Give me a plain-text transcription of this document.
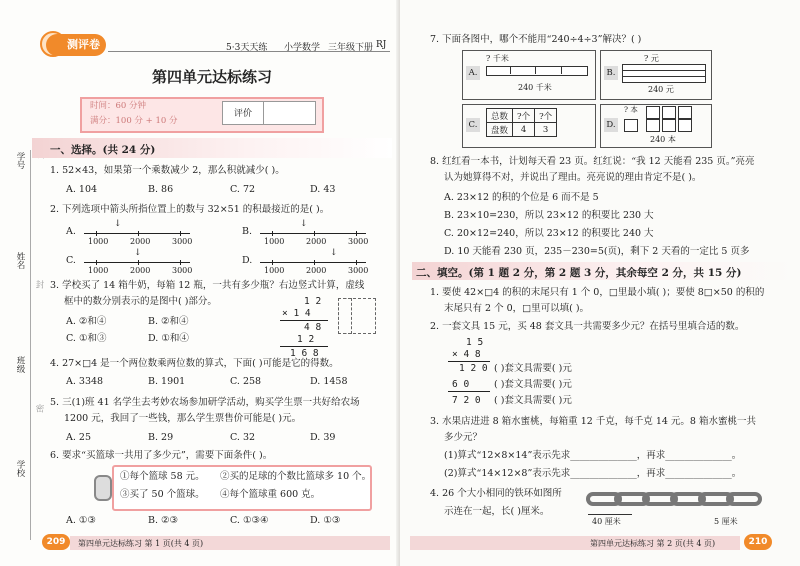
测评卷	5·3天天练 小学数学 三年级下册 RJ
第四单元达标练习
时间：60 分钟
满分：100 分 + 10 分
评价
学号
姓名
班级
学校
封
密
一、选择。(共 24 分)
1. 52×43，如果第一个乘数减少 2，那么积就减少( )。
A. 104	B. 86	C. 72	D. 43
2. 下列选项中箭头所指位置上的数与 32×51 的积最接近的是( )。
A.
↓
1000	2000	3000
B.
↓
1000	2000	3000
C.
↓
1000	2000	3000
D.
↓
1000	2000	3000
3. 学校买了 14 箱牛奶，每箱 12 瓶，一共有多少瓶？右边竖式计算，虚线
框中的数分别表示的是图中( )部分。
A. ②和④	B. ②和④
C. ①和③	D. ①和④
1 2
× 1 4
4 8
1 2
1 6 8
4. 27×□4 是一个两位数乘两位数的算式，下面( )可能是它的得数。
A. 3348	B. 1901	C. 258	D. 1458
5. 三(1)班 41 名学生去考妙农场参加研学活动，购买学生票一共好给农场
1200 元，我回了一些钱，那么学生票售价可能是( )元。
A. 25	B. 29	C. 32	D. 39
6. 要求“买篮球一共用了多少元”，需要下面条件( )。
①每个篮球 58 元。 ②买的足球的个数比篮球多 10 个。
③买了 50 个篮球。 ④每个篮球重 600 克。
A. ①③	B. ②③	C. ①③④	D. ①③
209	第四单元达标练习 第 1 页(共 4 页)
7. 下面各图中，哪个不能用“240÷4÷3”解决？( )
A.
? 千米
240 千米
B.
? 元
240 元
C.
总数	?个	?个
盘数	4	3	D.
? 本
240 本
8. 红红看一本书，计划每天看 23 页。红红说：“我 12 天能看 235 页。”亮亮
认为她算得不对，并说出了理由。亮亮说的理由肯定不是( )。
A. 23×12 的积的个位是 6 而不是 5
B. 23×10=230，所以 23×12 的积要比 230 大
C. 20×12=240，所以 23×12 的积要比 240 大
D. 10 天能看 230 页，235－230=5(页)，剩下 2 天看的一定比 5 页多
二、填空。(第 1 题 2 分，第 2 题 3 分，其余每空 2 分，共 15 分)
1. 要使 42×□4 的积的末尾只有 1 个 0，□里最小填( )；要使 8□×50 的积的
末尾只有 2 个 0，□里可以填( )。
2. 一套文具 15 元，买 48 套文具一共需要多少元？在括号里填合适的数。
1 5
× 4 8
1 2 0
6 0
7 2 0
( )套文具需要( )元
( )套文具需要( )元
( )套文具需要( )元
3. 水果店进进 8 箱水蜜桃，每箱重 12 千克，每千克 14 元。8 箱水蜜桃一共
多少元？
(1)算式“12×8×14”表示先求______________，再求______________。
(2)算式“14×12×8”表示先求______________，再求______________。
4. 26 个大小相同的铁环如图所
示连在一起，长( )厘米。
40 厘米	5 厘米
第四单元达标练习 第 2 页(共 4 页)	210
